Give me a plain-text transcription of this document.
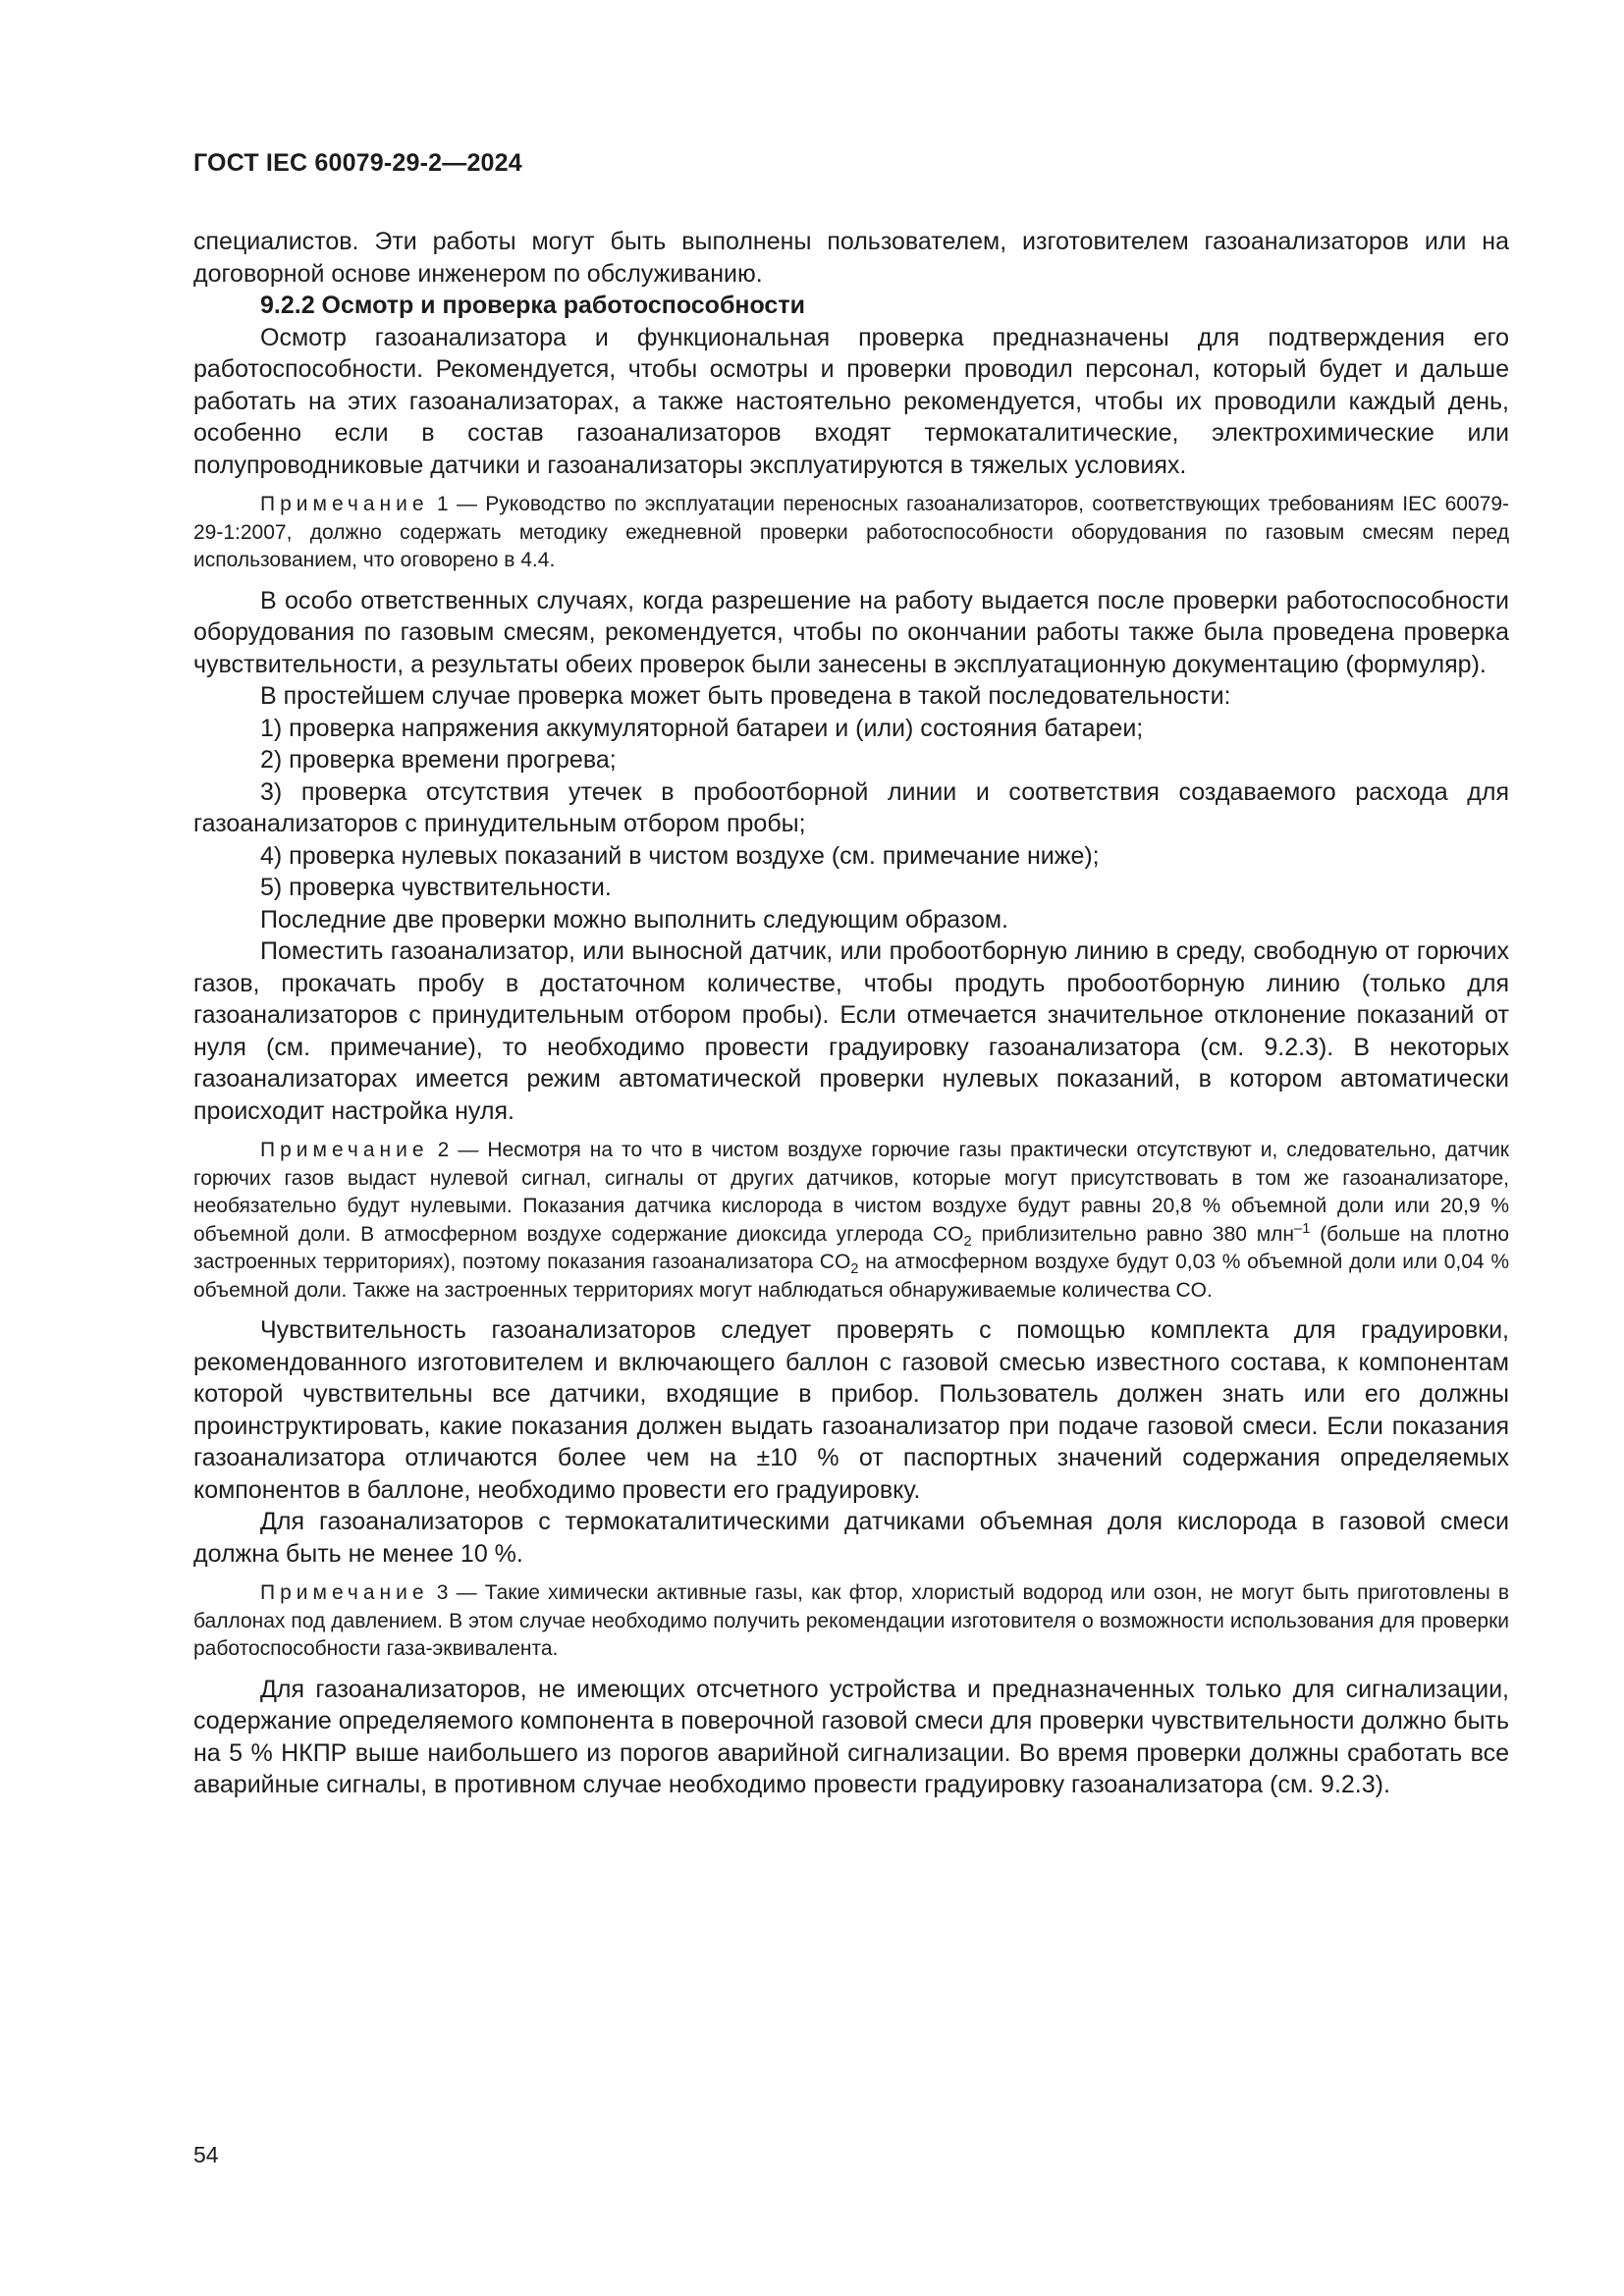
ГОСТ IEC 60079-29-2—2024

специалистов. Эти работы могут быть выполнены пользователем, изготовителем газоанализаторов или на договорной основе инженером по обслуживанию.

9.2.2 Осмотр и проверка работоспособности

Осмотр газоанализатора и функциональная проверка предназначены для подтверждения его работоспособности. Рекомендуется, чтобы осмотры и проверки проводил персонал, который будет и дальше работать на этих газоанализаторах, а также настоятельно рекомендуется, чтобы их проводили каждый день, особенно если в состав газоанализаторов входят термокаталитические, электрохимические или полупроводниковые датчики и газоанализаторы эксплуатируются в тяжелых условиях.

Примечание 1 — Руководство по эксплуатации переносных газоанализаторов, соответствующих требованиям IEC 60079-29-1:2007, должно содержать методику ежедневной проверки работоспособности оборудования по газовым смесям перед использованием, что оговорено в 4.4.

В особо ответственных случаях, когда разрешение на работу выдается после проверки работоспособности оборудования по газовым смесям, рекомендуется, чтобы по окончании работы также была проведена проверка чувствительности, а результаты обеих проверок были занесены в эксплуатационную документацию (формуляр).

В простейшем случае проверка может быть проведена в такой последовательности:

1) проверка напряжения аккумуляторной батареи и (или) состояния батареи;

2) проверка времени прогрева;

3) проверка отсутствия утечек в пробоотборной линии и соответствия создаваемого расхода для газоанализаторов с принудительным отбором пробы;

4) проверка нулевых показаний в чистом воздухе (см. примечание ниже);

5) проверка чувствительности.

Последние две проверки можно выполнить следующим образом.

Поместить газоанализатор, или выносной датчик, или пробоотборную линию в среду, свободную от горючих газов, прокачать пробу в достаточном количестве, чтобы продуть пробоотборную линию (только для газоанализаторов с принудительным отбором пробы). Если отмечается значительное отклонение показаний от нуля (см. примечание), то необходимо провести градуировку газоанализатора (см. 9.2.3). В некоторых газоанализаторах имеется режим автоматической проверки нулевых показаний, в котором автоматически происходит настройка нуля.

Примечание 2 — Несмотря на то что в чистом воздухе горючие газы практически отсутствуют и, следовательно, датчик горючих газов выдаст нулевой сигнал, сигналы от других датчиков, которые могут присутствовать в том же газоанализаторе, необязательно будут нулевыми. Показания датчика кислорода в чистом воздухе будут равны 20,8 % объемной доли или 20,9 % объемной доли. В атмосферном воздухе содержание диоксида углерода $CO_2$ приблизительно равно 380 млн$^{-1}$ (больше на плотно застроенных территориях), поэтому показания газоанализатора $CO_2$ на атмосферном воздухе будут 0,03 % объемной доли или 0,04 % объемной доли. Также на застроенных территориях могут наблюдаться обнаруживаемые количества CO.

Чувствительность газоанализаторов следует проверять с помощью комплекта для градуировки, рекомендованного изготовителем и включающего баллон с газовой смесью известного состава, к компонентам которой чувствительны все датчики, входящие в прибор. Пользователь должен знать или его должны проинструктировать, какие показания должен выдать газоанализатор при подаче газовой смеси. Если показания газоанализатора отличаются более чем на ±10 % от паспортных значений содержания определяемых компонентов в баллоне, необходимо провести его градуировку.

Для газоанализаторов с термокаталитическими датчиками объемная доля кислорода в газовой смеси должна быть не менее 10 %.

Примечание 3 — Такие химически активные газы, как фтор, хлористый водород или озон, не могут быть приготовлены в баллонах под давлением. В этом случае необходимо получить рекомендации изготовителя о возможности использования для проверки работоспособности газа-эквивалента.

Для газоанализаторов, не имеющих отсчетного устройства и предназначенных только для сигнализации, содержание определяемого компонента в поверочной газовой смеси для проверки чувствительности должно быть на 5 % НКПР выше наибольшего из порогов аварийной сигнализации. Во время проверки должны сработать все аварийные сигналы, в противном случае необходимо провести градуировку газоанализатора (см. 9.2.3).

54
